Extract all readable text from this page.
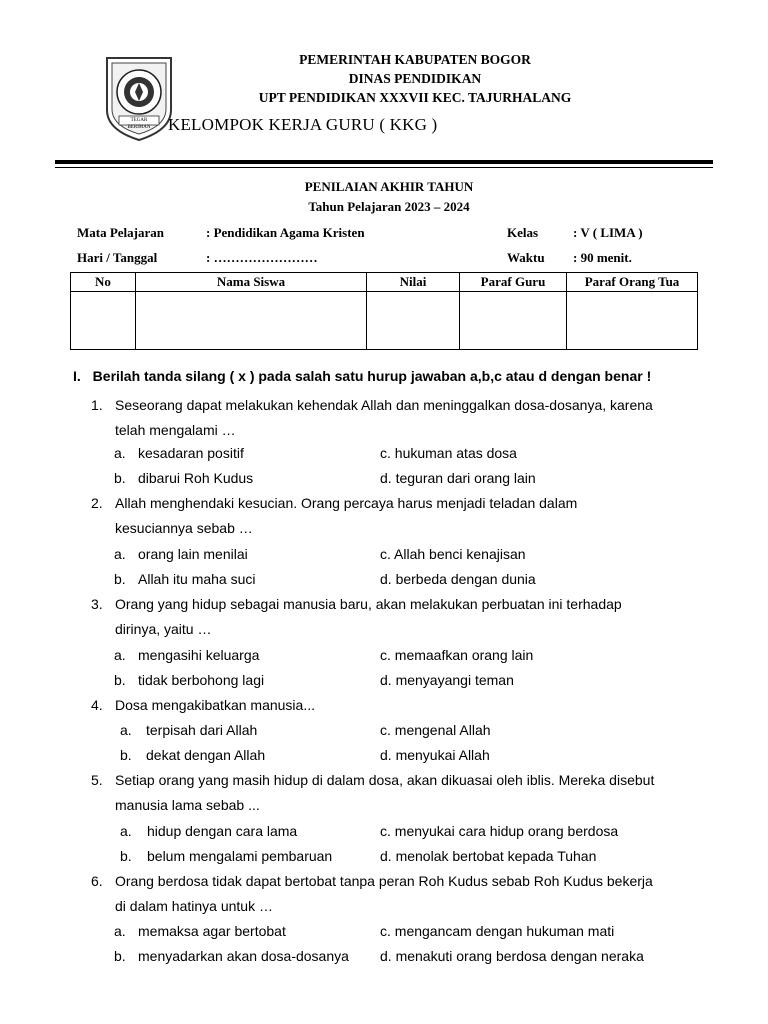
TEGAR BERIMAN
PEMERINTAH KABUPATEN BOGOR
DINAS PENDIDIKAN
UPT PENDIDIKAN XXXVII KEC. TAJURHALANG
KELOMPOK KERJA GURU ( KKG )
PENILAIAN AKHIR TAHUN
Tahun Pelajaran 2023 – 2024
Mata Pelajaran	: Pendidikan Agama Kristen	Kelas	: V ( LIMA )
Hari / Tanggal	: ……………………	Waktu : 90 menit.
No	Nama Siswa	Nilai	Paraf Guru	Paraf Orang Tua

I. Berilah tanda silang ( x ) pada salah satu hurup jawaban a,b,c atau d dengan benar !
1. Seseorang dapat melakukan kehendak Allah dan meninggalkan dosa-dosanya, karena
telah mengalami …
a. kesadaran positif	c. hukuman atas dosa
b. dibarui Roh Kudus	d. teguran dari orang lain
2. Allah menghendaki kesucian. Orang percaya harus menjadi teladan dalam
kesuciannya sebab …
a. orang lain menilai	c. Allah benci kenajisan
b. Allah itu maha suci	d. berbeda dengan dunia
3. Orang yang hidup sebagai manusia baru, akan melakukan perbuatan ini terhadap
dirinya, yaitu …
a. mengasihi keluarga	c. memaafkan orang lain
b. tidak berbohong lagi	d. menyayangi teman
4. Dosa mengakibatkan manusia...
a. terpisah dari Allah	c. mengenal Allah
b. dekat dengan Allah	d. menyukai Allah
5. Setiap orang yang masih hidup di dalam dosa, akan dikuasai oleh iblis. Mereka disebut
manusia lama sebab ...
a. hidup dengan cara lama	c. menyukai cara hidup orang berdosa
b. belum mengalami pembaruan	d. menolak bertobat kepada Tuhan
6. Orang berdosa tidak dapat bertobat tanpa peran Roh Kudus sebab Roh Kudus bekerja
di dalam hatinya untuk …
a. memaksa agar bertobat	c. mengancam dengan hukuman mati
b. menyadarkan akan dosa-dosanya d. menakuti orang berdosa dengan neraka
